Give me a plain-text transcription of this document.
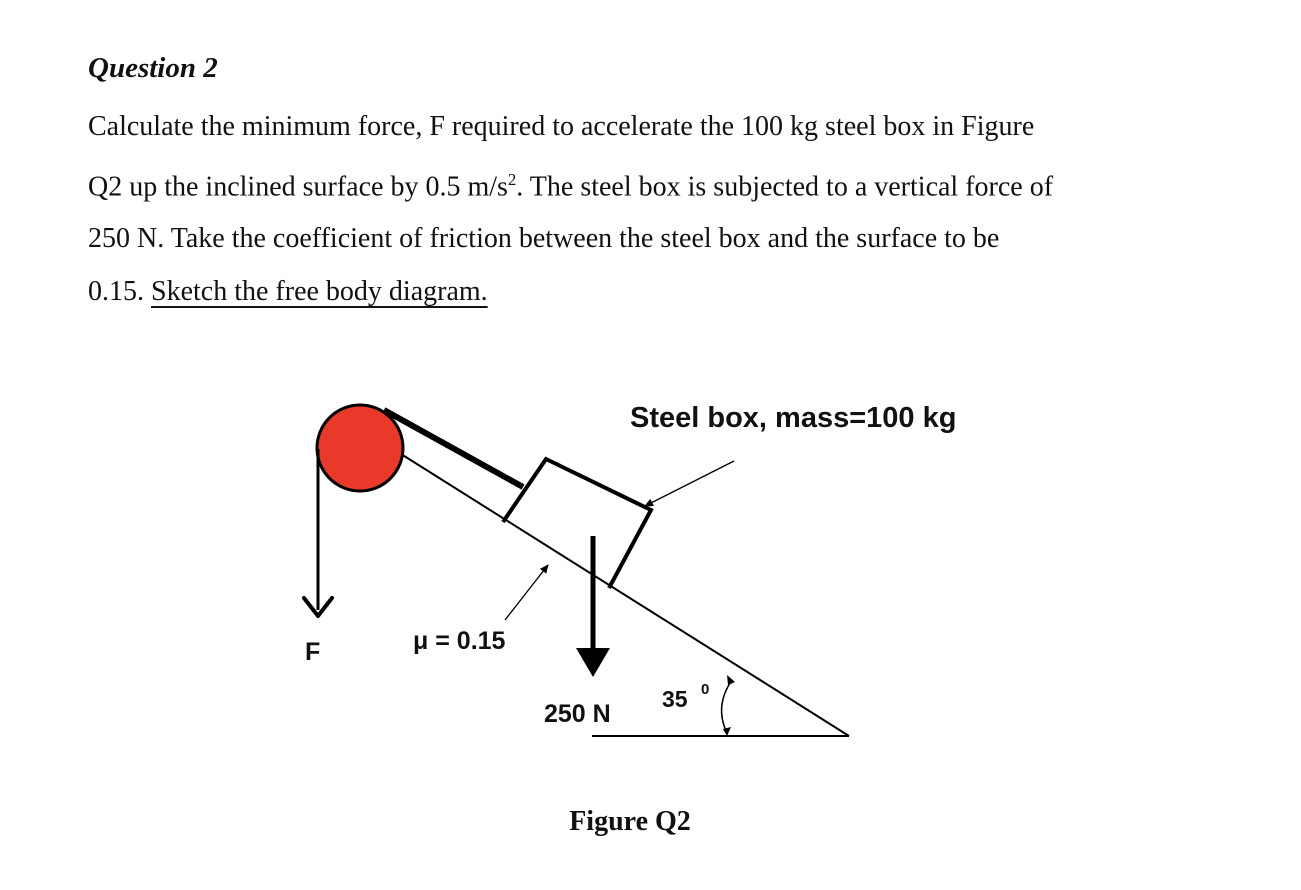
Question 2
Calculate the minimum force, F required to accelerate the 100 kg steel box in Figure
Q2 up the inclined surface by 0.5 $m/s^2$. The steel box is subjected to a vertical force of
250 N. Take the coefficient of friction between the steel box and the surface to be
0.15. Sketch the free body diagram.
Steel box, mass=100 kg
F	μ = 0.15
250 N
35 0

Figure Q2
